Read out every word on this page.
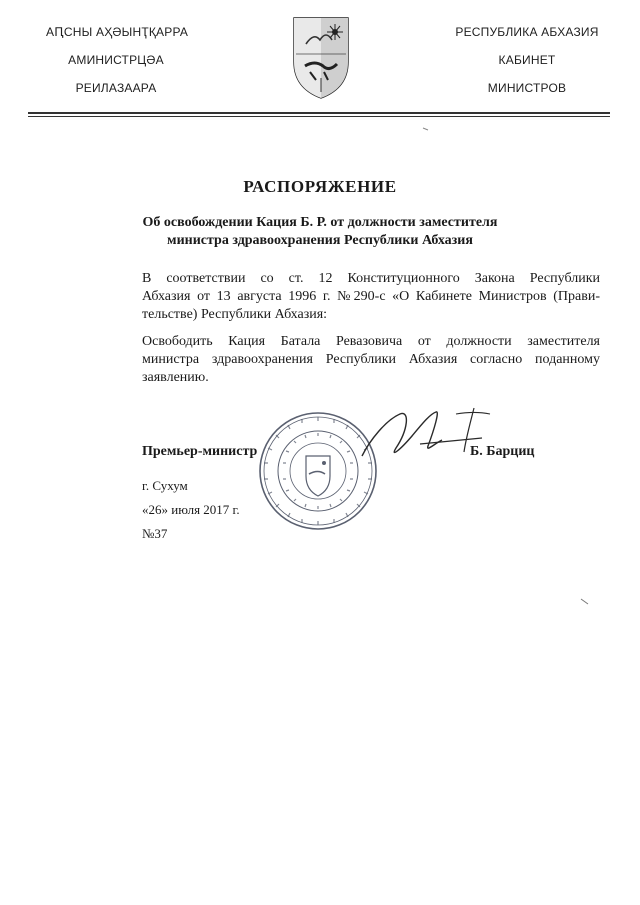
АԤСНЫ АҲӘЫНҬҚАРРА
АМИНИСТРЦӘА
РЕИЛАЗААРА
РЕСПУБЛИКА АБХАЗИЯ
КАБИНЕТ
МИНИСТРОВ
РАСПОРЯЖЕНИЕ
Об освобождении Кация Б. Р. от должности заместителя
министра здравоохранения Республики Абхазия
В соответствии со ст. 12 Конституционного Закона Республики
Абхазия от 13 августа 1996 г. №290-с «О Кабинете Министров (Прави-
тельстве) Республики Абхазия:
Освободить Кация Батала Ревазовича от должности заместителя
министра здравоохранения Республики Абхазия согласно поданному
заявлению.
Премьер-министр	Б. Барциц
г. Сухум
«26» июля 2017 г.
№37
